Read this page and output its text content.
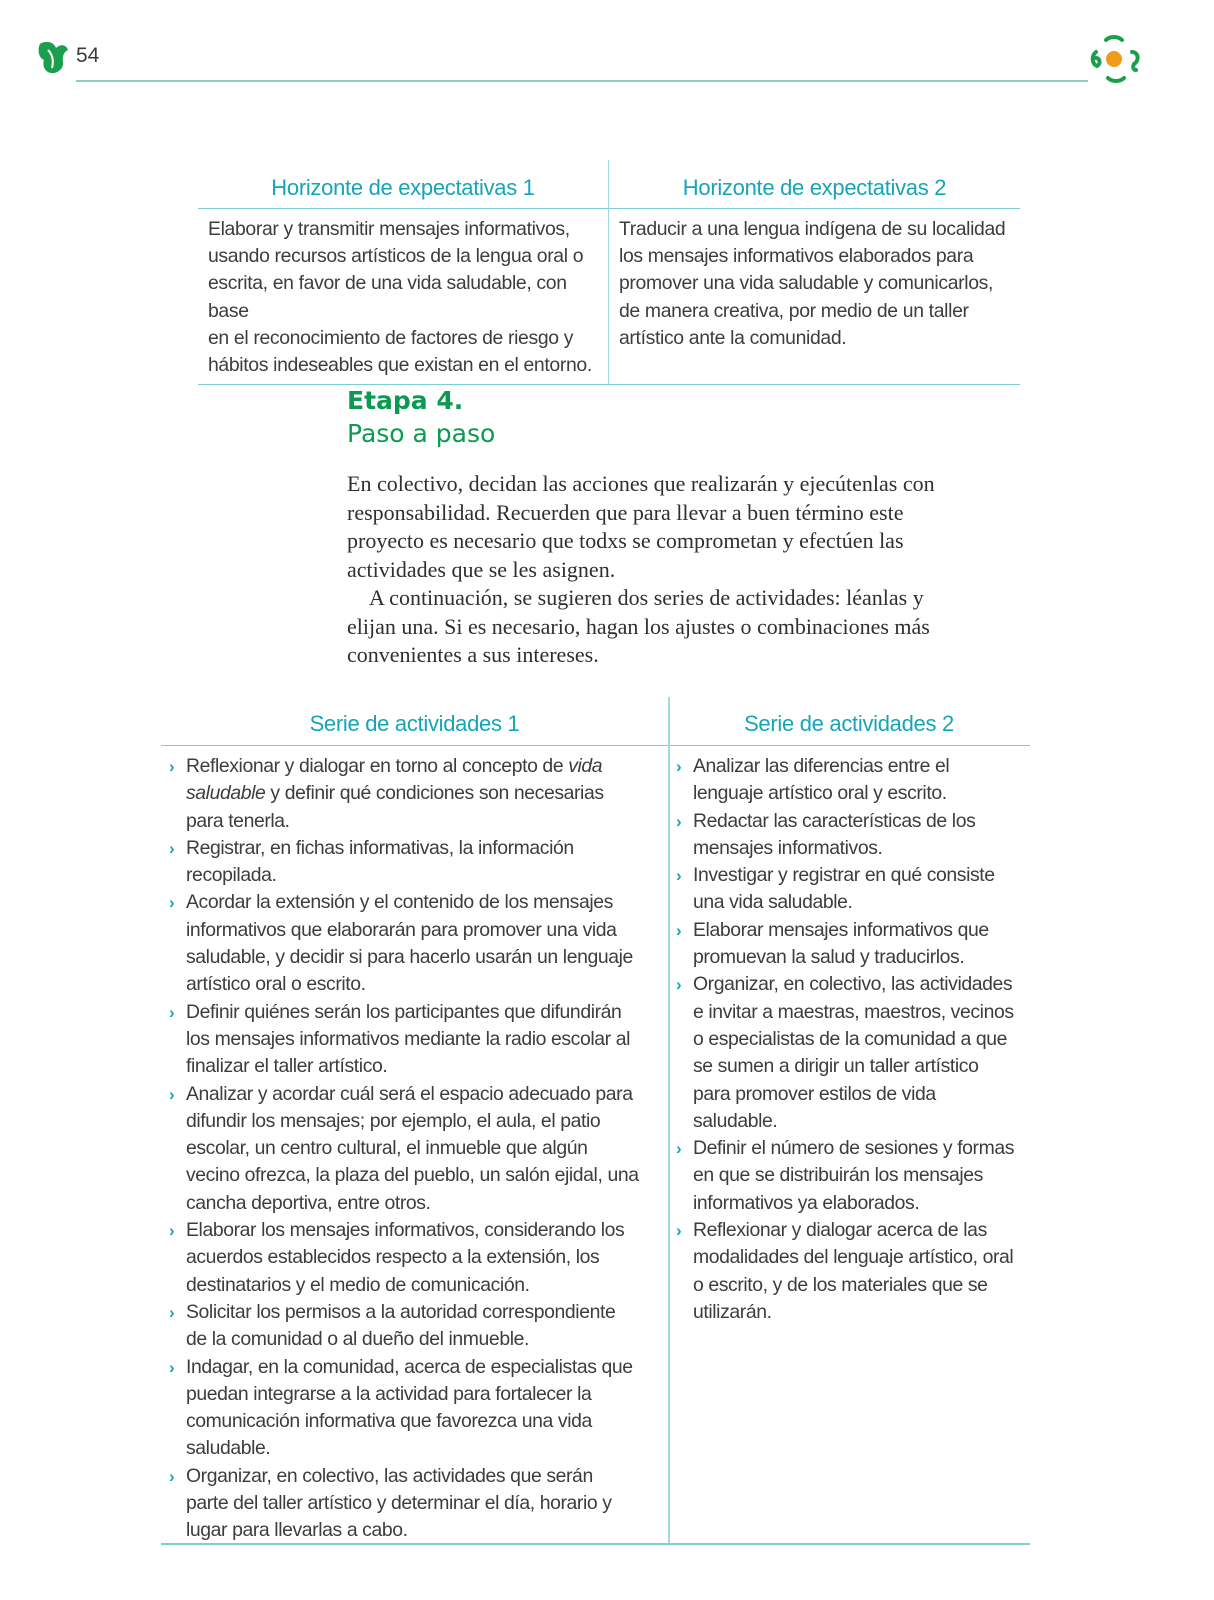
54
Horizonte de expectativas 1
Elaborar y transmitir mensajes informativos,
usando recursos artísticos de la lengua oral o
escrita, en favor de una vida saludable, con base
en el reconocimiento de factores de riesgo y
hábitos indeseables que existan en el entorno.
Horizonte de expectativas 2
Traducir a una lengua indígena de su localidad
los mensajes informativos elaborados para
promover una vida saludable y comunicarlos,
de manera creativa, por medio de un taller
artístico ante la comunidad.
Etapa 4.
Paso a paso

En colectivo, decidan las acciones que realizarán y ejecútenlas con responsabilidad. Recuerden que para llevar a buen término este proyecto es necesario que todxs se comprometan y efectúen las actividades que se les asignen.

A continuación, se sugieren dos series de actividades: léanlas y elijan una. Si es necesario, hagan los ajustes o combinaciones más convenientes a sus intereses.

Serie de actividades 1	Serie de actividades 2
› Reflexionar y dialogar en torno al concepto de vida saludable y definir qué condiciones son necesarias para tenerla.
› Registrar, en fichas informativas, la información recopilada.
› Acordar la extensión y el contenido de los mensajes informativos que elaborarán para promover una vida saludable, y decidir si para hacerlo usarán un lenguaje artístico oral o escrito.
› Definir quiénes serán los participantes que difundirán los mensajes informativos mediante la radio escolar al finalizar el taller artístico.
› Analizar y acordar cuál será el espacio adecuado para difundir los mensajes; por ejemplo, el aula, el patio escolar, un centro cultural, el inmueble que algún vecino ofrezca, la plaza del pueblo, un salón ejidal, una cancha deportiva, entre otros.
› Elaborar los mensajes informativos, considerando los acuerdos establecidos respecto a la extensión, los destinatarios y el medio de comunicación.
› Solicitar los permisos a la autoridad correspondiente de la comunidad o al dueño del inmueble.
› Indagar, en la comunidad, acerca de especialistas que puedan integrarse a la actividad para fortalecer la comunicación informativa que favorezca una vida saludable.
› Organizar, en colectivo, las actividades que serán parte del taller artístico y determinar el día, horario y lugar para llevarlas a cabo.
› Analizar las diferencias entre el lenguaje artístico oral y escrito.
› Redactar las características de los mensajes informativos.
› Investigar y registrar en qué consiste una vida saludable.
› Elaborar mensajes informativos que promuevan la salud y traducirlos.
› Organizar, en colectivo, las actividades e invitar a maestras, maestros, vecinos o especialistas de la comunidad a que se sumen a dirigir un taller artístico para promover estilos de vida saludable.
› Definir el número de sesiones y formas en que se distribuirán los mensajes informativos ya elaborados.
› Reflexionar y dialogar acerca de las modalidades del lenguaje artístico, oral o escrito, y de los materiales que se utilizarán.
